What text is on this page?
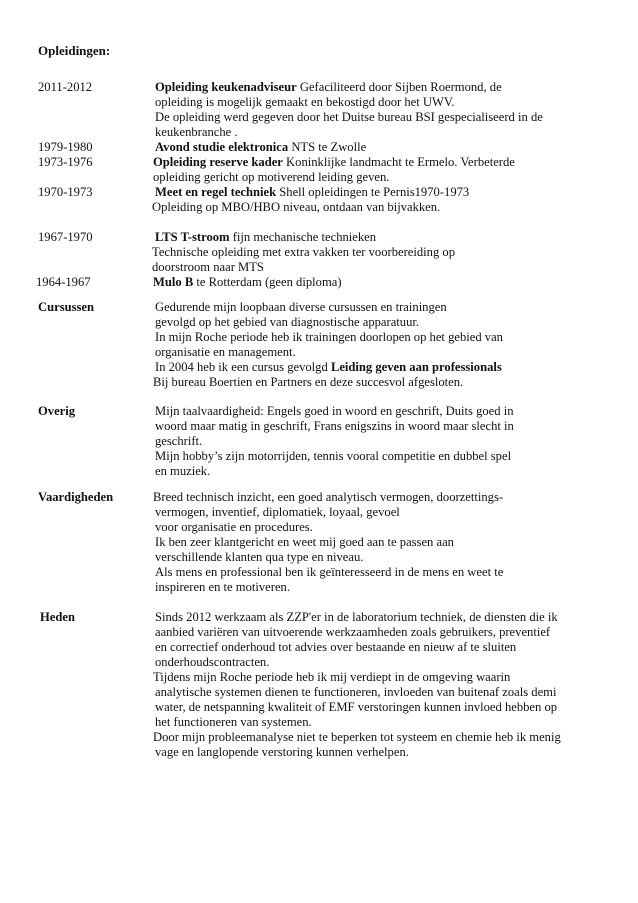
Opleidingen:
2011-2012	Opleiding keukenadviseur Gefaciliteerd door Sijben Roermond, de
opleiding is mogelijk gemaakt en bekostigd door het UWV.
De opleiding werd gegeven door het Duitse bureau BSI gespecialiseerd in de
keukenbranche .
1979-1980	Avond studie elektronica NTS te Zwolle
1973-1976	Opleiding reserve kader Koninklijke landmacht te Ermelo. Verbeterde
opleiding gericht op motiverend leiding geven.
1970-1973	Meet en regel techniek Shell opleidingen te Pernis1970-1973
Opleiding op MBO/HBO niveau, ontdaan van bijvakken.
1967-1970	LTS T-stroom fijn mechanische technieken
Technische opleiding met extra vakken ter voorbereiding op
doorstroom naar MTS
1964-1967	Mulo B te Rotterdam (geen diploma)
Cursussen	Gedurende mijn loopbaan diverse cursussen en trainingen
gevolgd op het gebied van diagnostische apparatuur.
In mijn Roche periode heb ik trainingen doorlopen op het gebied van
organisatie en management.
In 2004 heb ik een cursus gevolgd Leiding geven aan professionals
Bij bureau Boertien en Partners en deze succesvol afgesloten.
Overig	Mijn taalvaardigheid: Engels goed in woord en geschrift, Duits goed in
woord maar matig in geschrift, Frans enigszins in woord maar slecht in
geschrift.
Mijn hobby’s zijn motorrijden, tennis vooral competitie en dubbel spel
en muziek.
Vaardigheden	Breed technisch inzicht, een goed analytisch vermogen, doorzettings-
vermogen, inventief, diplomatiek, loyaal, gevoel
voor organisatie en procedures.
Ik ben zeer klantgericht en weet mij goed aan te passen aan
verschillende klanten qua type en niveau.
Als mens en professional ben ik geïnteresseerd in de mens en weet te
inspireren en te motiveren.
Heden	Sinds 2012 werkzaam als ZZP'er in de laboratorium techniek, de diensten die ik
aanbied variëren van uitvoerende werkzaamheden zoals gebruikers, preventief
en correctief onderhoud tot advies over bestaande en nieuw af te sluiten
onderhoudscontracten.
Tijdens mijn Roche periode heb ik mij verdiept in de omgeving waarin
analytische systemen dienen te functioneren, invloeden van buitenaf zoals demi
water, de netspanning kwaliteit of EMF verstoringen kunnen invloed hebben op
het functioneren van systemen.
Door mijn probleemanalyse niet te beperken tot systeem en chemie heb ik menig
vage en langlopende verstoring kunnen verhelpen.
